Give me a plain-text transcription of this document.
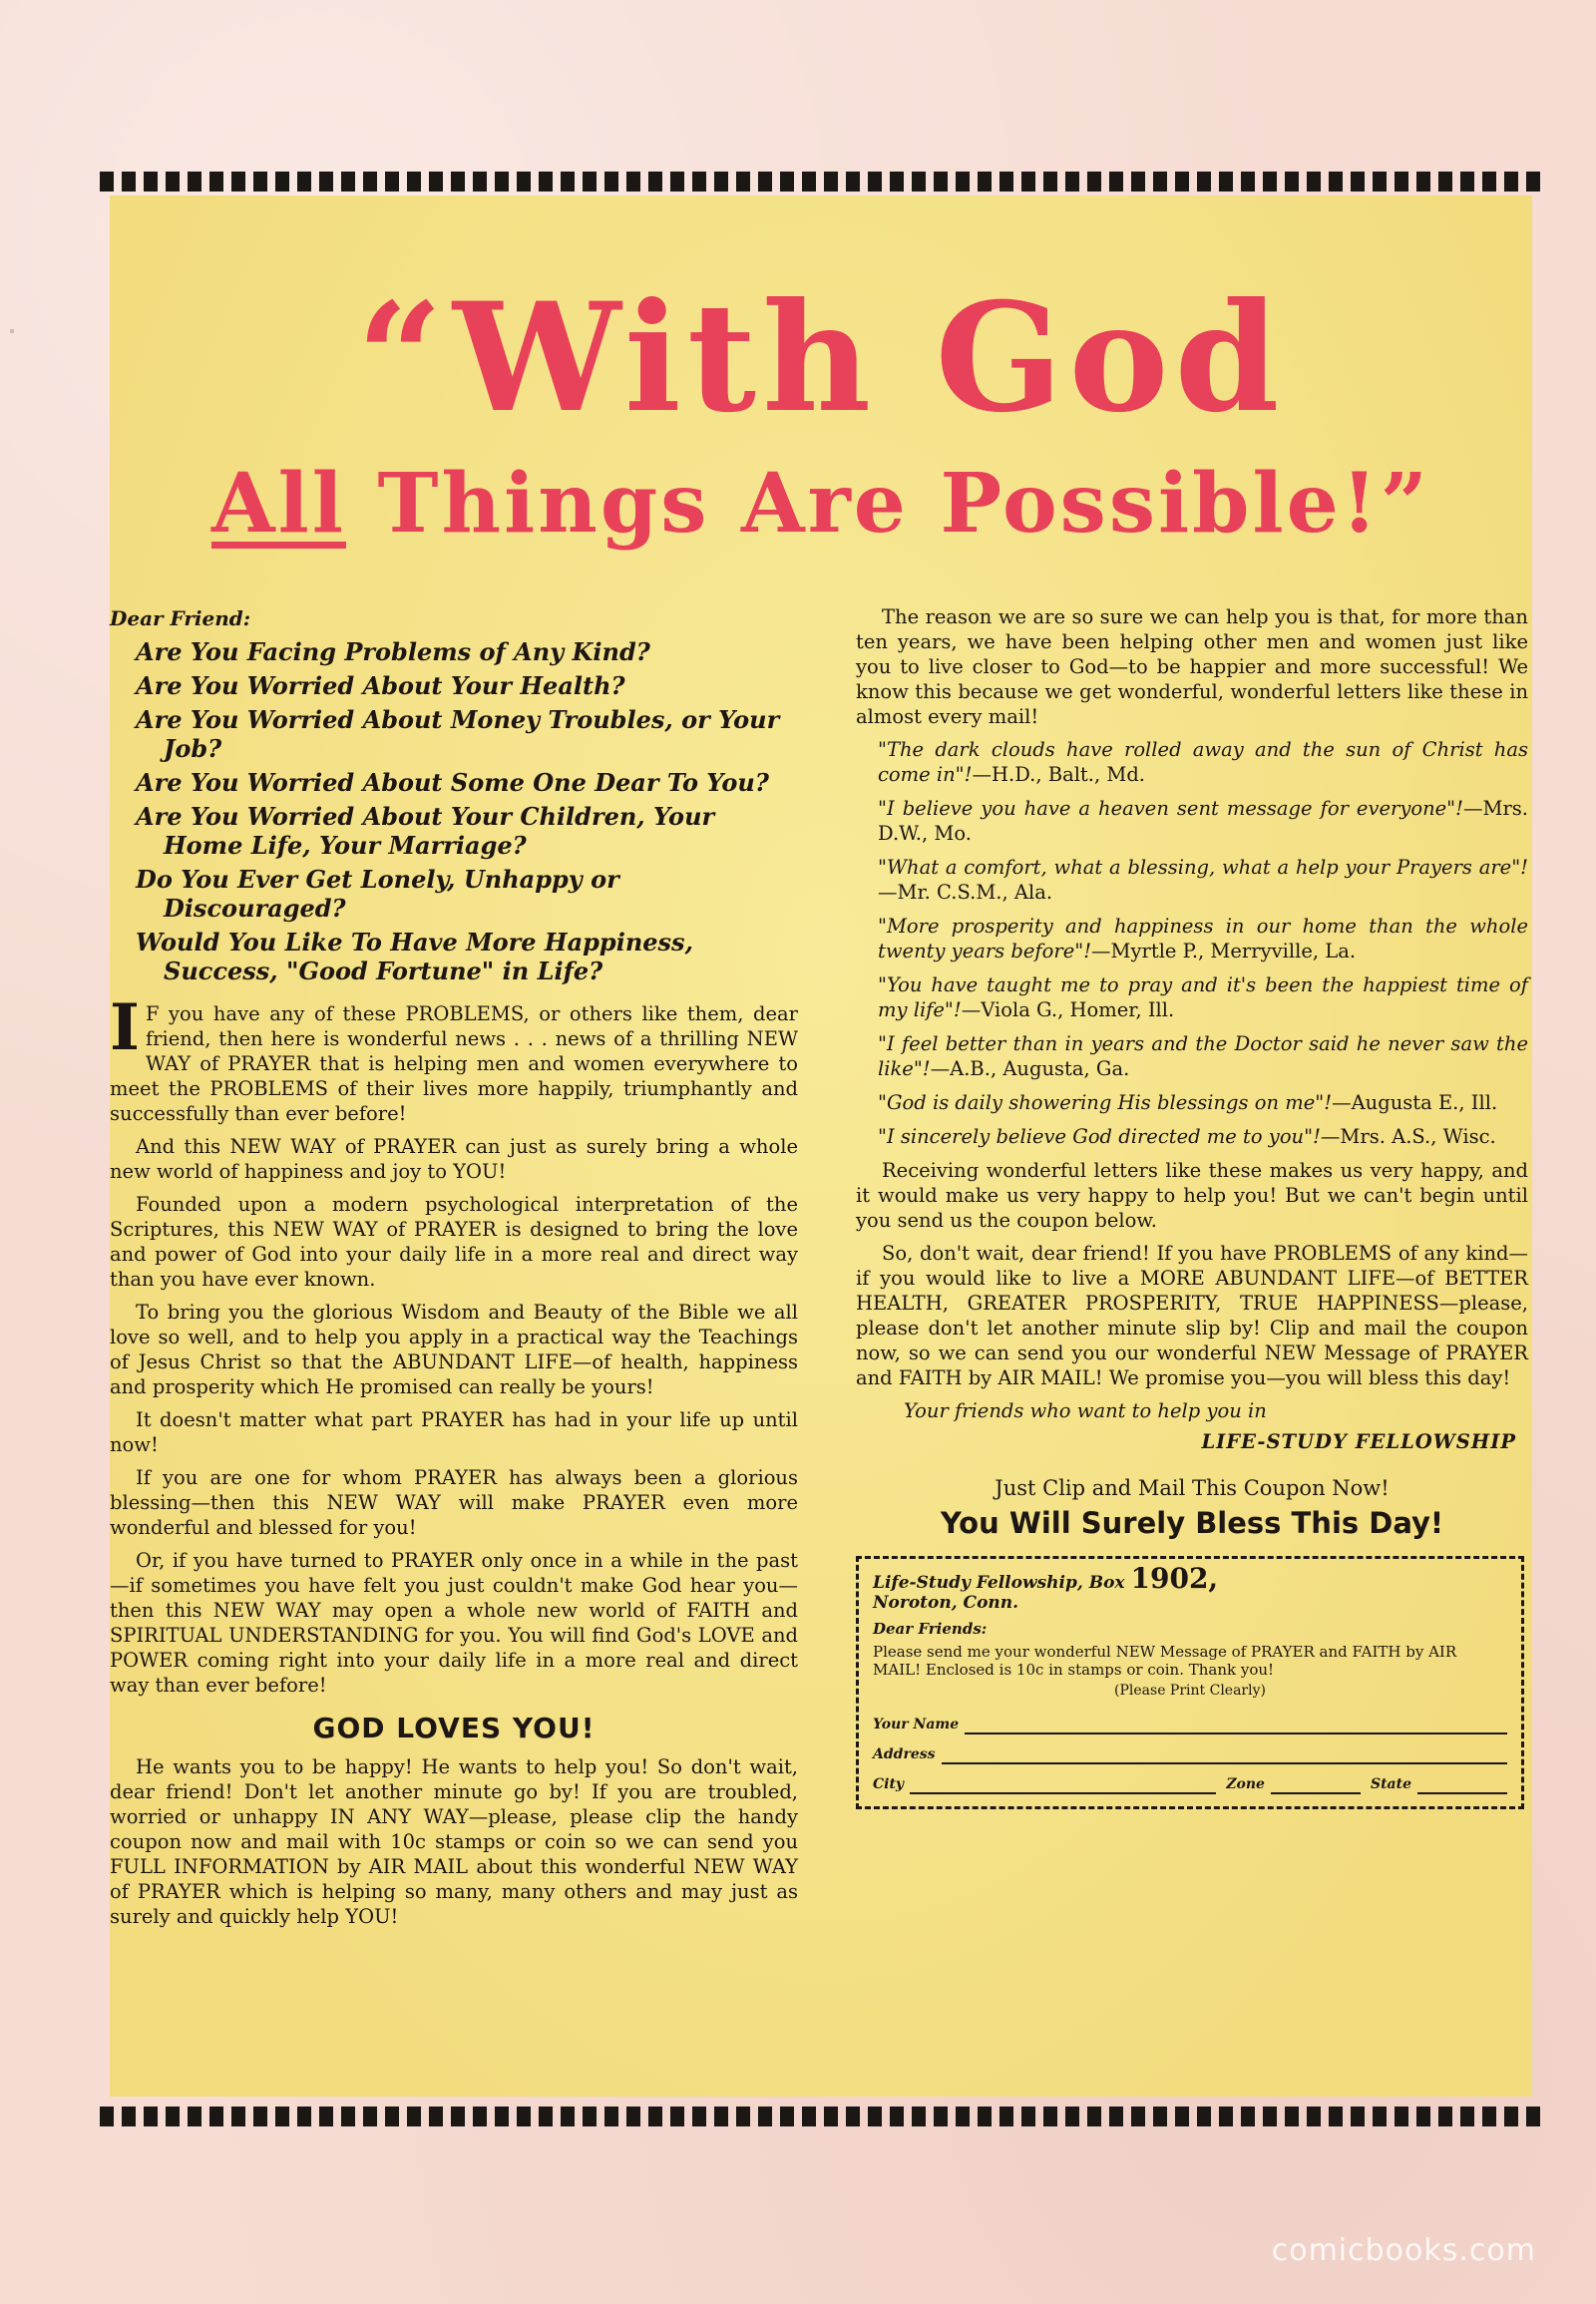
“With God
All Things Are Possible!”
Dear Friend:
Are You Facing Problems of Any Kind?
Are You Worried About Your Health?
Are You Worried About Money Troubles, or Your Job?
Are You Worried About Some One Dear To You?
Are You Worried About Your Children, Your Home Life, Your Marriage?
Do You Ever Get Lonely, Unhappy or Discouraged?
Would You Like To Have More Happiness, Success, "Good Fortune" in Life?

I F you have any of these PROBLEMS, or others like them, dear friend, then here is wonderful news . . . news of a thrilling NEW WAY of PRAYER that is helping men and women everywhere to meet the PROBLEMS of their lives more happily, triumphantly and successfully than ever before!

And this NEW WAY of PRAYER can just as surely bring a whole new world of happiness and joy to YOU!

Founded upon a modern psychological interpretation of the Scriptures, this NEW WAY of PRAYER is designed to bring the love and power of God into your daily life in a more real and direct way than you have ever known.

To bring you the glorious Wisdom and Beauty of the Bible we all love so well, and to help you apply in a practical way the Teachings of Jesus Christ so that the ABUNDANT LIFE—of health, happiness and prosperity which He promised can really be yours!

It doesn't matter what part PRAYER has had in your life up until now!

If you are one for whom PRAYER has always been a glorious blessing—then this NEW WAY will make PRAYER even more wonderful and blessed for you!

Or, if you have turned to PRAYER only once in a while in the past—if sometimes you have felt you just couldn't make God hear you—then this NEW WAY may open a whole new world of FAITH and SPIRITUAL UNDERSTANDING for you. You will find God's LOVE and POWER coming right into your daily life in a more real and direct way than ever before!

GOD LOVES YOU!

He wants you to be happy! He wants to help you! So don't wait, dear friend! Don't let another minute go by! If you are troubled, worried or unhappy IN ANY WAY—please, please clip the handy coupon now and mail with 10c stamps or coin so we can send you FULL INFORMATION by AIR MAIL about this wonderful NEW WAY of PRAYER which is helping so many, many others and may just as surely and quickly help YOU!

The reason we are so sure we can help you is that, for more than ten years, we have been helping other men and women just like you to live closer to God—to be happier and more successful! We know this because we get wonderful, wonderful letters like these in almost every mail!

"The dark clouds have rolled away and the sun of Christ has come in"!—H.D., Balt., Md.

"I believe you have a heaven sent message for everyone"!—Mrs. D.W., Mo.

"What a comfort, what a blessing, what a help your Prayers are"!—Mr. C.S.M., Ala.

"More prosperity and happiness in our home than the whole twenty years before"!—Myrtle P., Merryville, La.

"You have taught me to pray and it's been the happiest time of my life"!—Viola G., Homer, Ill.

"I feel better than in years and the Doctor said he never saw the like"!—A.B., Augusta, Ga.

"God is daily showering His blessings on me"!—Augusta E., Ill.

"I sincerely believe God directed me to you"!—Mrs. A.S., Wisc.

Receiving wonderful letters like these makes us very happy, and it would make us very happy to help you! But we can't begin until you send us the coupon below.

So, don't wait, dear friend! If you have PROBLEMS of any kind—if you would like to live a MORE ABUNDANT LIFE—of BETTER HEALTH, GREATER PROSPERITY, TRUE HAPPINESS—please, please don't let another minute slip by! Clip and mail the coupon now, so we can send you our wonderful NEW Message of PRAYER and FAITH by AIR MAIL! We promise you—you will bless this day!

Your friends who want to help you in
LIFE-STUDY FELLOWSHIP
Just Clip and Mail This Coupon Now!
You Will Surely Bless This Day!
Life-Study Fellowship, Box 1902,
Noroton, Conn.
Dear Friends:
Please send me your wonderful NEW Message of PRAYER and FAITH by AIR MAIL! Enclosed is 10c in stamps or coin. Thank you!
(Please Print Clearly)
Your Name
Address
City	Zone	State
comicbooks.com
